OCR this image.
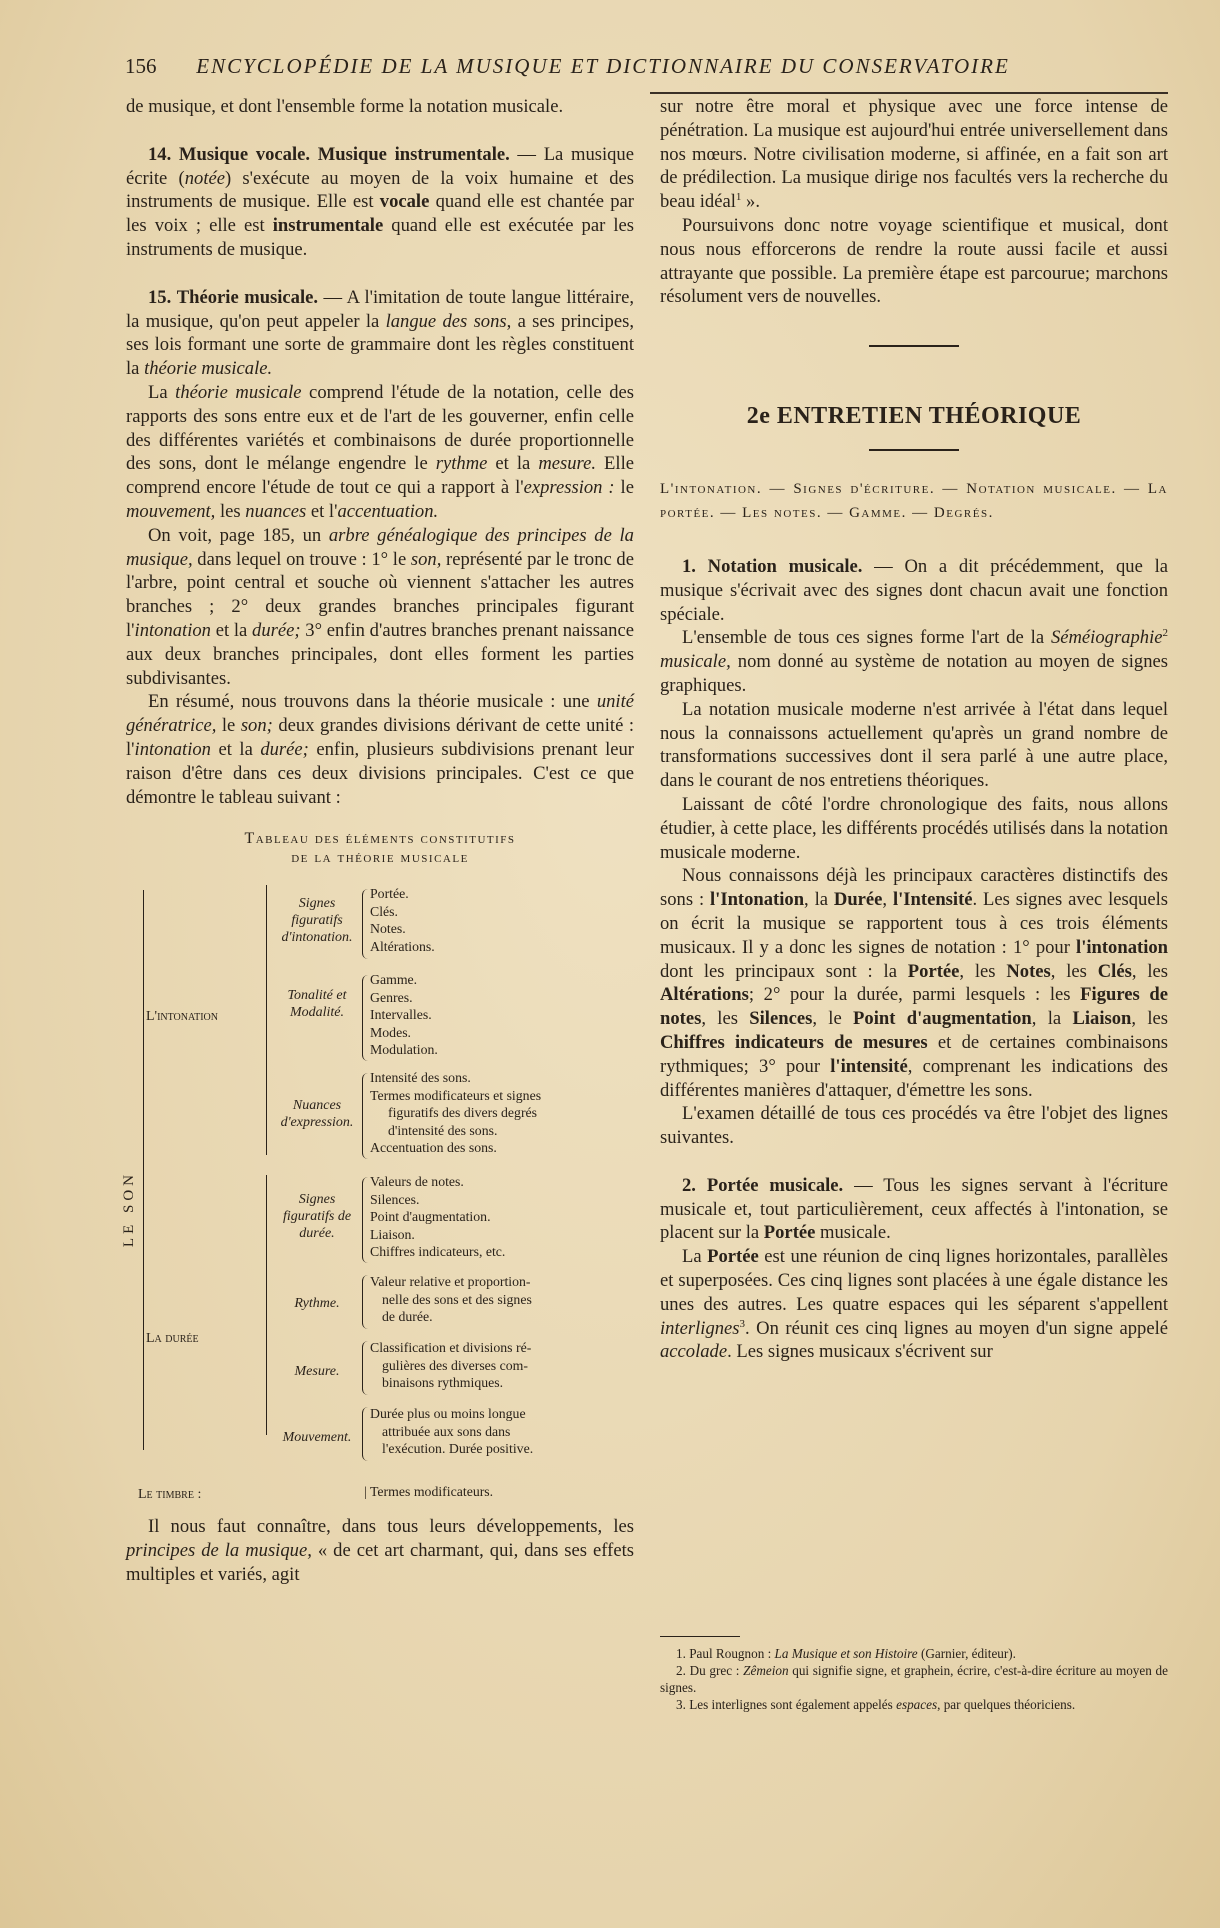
156 ENCYCLOPÉDIE DE LA MUSIQUE ET DICTIONNAIRE DU CONSERVATOIRE

de musique, et dont l'ensemble forme la notation musicale.

14. Musique vocale. Musique instrumentale. — La musique écrite (notée) s'exécute au moyen de la voix humaine et des instruments de musique. Elle est vocale quand elle est chantée par les voix ; elle est instrumentale quand elle est exécutée par les instruments de musique.

15. Théorie musicale. — A l'imitation de toute langue littéraire, la musique, qu'on peut appeler la langue des sons, a ses principes, ses lois formant une sorte de grammaire dont les règles constituent la théorie musicale.

La théorie musicale comprend l'étude de la notation, celle des rapports des sons entre eux et de l'art de les gouverner, enfin celle des différentes variétés et combinaisons de durée proportionnelle des sons, dont le mélange engendre le rythme et la mesure. Elle comprend encore l'étude de tout ce qui a rapport à l'expression : le mouvement, les nuances et l'accentuation.

On voit, page 185, un arbre généalogique des principes de la musique, dans lequel on trouve : 1° le son, représenté par le tronc de l'arbre, point central et souche où viennent s'attacher les autres branches ; 2° deux grandes branches principales figurant l'intonation et la durée; 3° enfin d'autres branches prenant naissance aux deux branches principales, dont elles forment les parties subdivisantes.

En résumé, nous trouvons dans la théorie musicale : une unité génératrice, le son; deux grandes divisions dérivant de cette unité : l'intonation et la durée; enfin, plusieurs subdivisions prenant leur raison d'être dans ces deux divisions principales. C'est ce que démontre le tableau suivant :

Tableau des éléments constitutifs
de la théorie musicale
LE SON
L'intonation
Signes figuratifs d'intonation.
Portée.
Clés.
Notes.
Altérations.
Tonalité et Modalité.
Gamme.
Genres.
Intervalles.
Modes.
Modulation.
Nuances d'expression.
Intensité des sons.
Termes modificateurs et signes
figuratifs des divers degrés
d'intensité des sons.
Accentuation des sons.
La durée
Signes figuratifs de durée.
Valeurs de notes.
Silences.
Point d'augmentation.
Liaison.
Chiffres indicateurs, etc.
Rythme.
Valeur relative et proportion-
nelle des sons et des signes
de durée.
Mesure.
Classification et divisions ré-
gulières des diverses com-
binaisons rythmiques.
Mouvement.
Durée plus ou moins longue
attribuée aux sons dans
l'exécution. Durée positive.
Le timbre :	| Termes modificateurs.

Il nous faut connaître, dans tous leurs développements, les principes de la musique, « de cet art charmant, qui, dans ses effets multiples et variés, agit

sur notre être moral et physique avec une force intense de pénétration. La musique est aujourd'hui entrée universellement dans nos mœurs. Notre civilisation moderne, si affinée, en a fait son art de prédilection. La musique dirige nos facultés vers la recherche du beau idéal$^1$ ».

Poursuivons donc notre voyage scientifique et musical, dont nous nous efforcerons de rendre la route aussi facile et aussi attrayante que possible. La première étape est parcourue; marchons résolument vers de nouvelles.

2e ENTRETIEN THÉORIQUE
L'intonation. — Signes d'écriture. — Notation musicale. — La portée. — Les notes. — Gamme. — Degrés.

1. Notation musicale. — On a dit précédemment, que la musique s'écrivait avec des signes dont chacun avait une fonction spéciale.

L'ensemble de tous ces signes forme l'art de la Séméiographie$^2$ musicale, nom donné au système de notation au moyen de signes graphiques.

La notation musicale moderne n'est arrivée à l'état dans lequel nous la connaissons actuellement qu'après un grand nombre de transformations successives dont il sera parlé à une autre place, dans le courant de nos entretiens théoriques.

Laissant de côté l'ordre chronologique des faits, nous allons étudier, à cette place, les différents procédés utilisés dans la notation musicale moderne.

Nous connaissons déjà les principaux caractères distinctifs des sons : l'Intonation, la Durée, l'Intensité. Les signes avec lesquels on écrit la musique se rapportent tous à ces trois éléments musicaux. Il y a donc les signes de notation : 1° pour l'intonation dont les principaux sont : la Portée, les Notes, les Clés, les Altérations; 2° pour la durée, parmi lesquels : les Figures de notes, les Silences, le Point d'augmentation, la Liaison, les Chiffres indicateurs de mesures et de certaines combinaisons rythmiques; 3° pour l'intensité, comprenant les indications des différentes manières d'attaquer, d'émettre les sons.

L'examen détaillé de tous ces procédés va être l'objet des lignes suivantes.

2. Portée musicale. — Tous les signes servant à l'écriture musicale et, tout particulièrement, ceux affectés à l'intonation, se placent sur la Portée musicale.

La Portée est une réunion de cinq lignes horizontales, parallèles et superposées. Ces cinq lignes sont placées à une égale distance les unes des autres. Les quatre espaces qui les séparent s'appellent interlignes$^3$. On réunit ces cinq lignes au moyen d'un signe appelé accolade. Les signes musicaux s'écrivent sur

1. Paul Rougnon : La Musique et son Histoire (Garnier, éditeur).

2. Du grec : Zêmeion qui signifie signe, et graphein, écrire, c'est-à-dire écriture au moyen de signes.

3. Les interlignes sont également appelés espaces, par quelques théoriciens.
